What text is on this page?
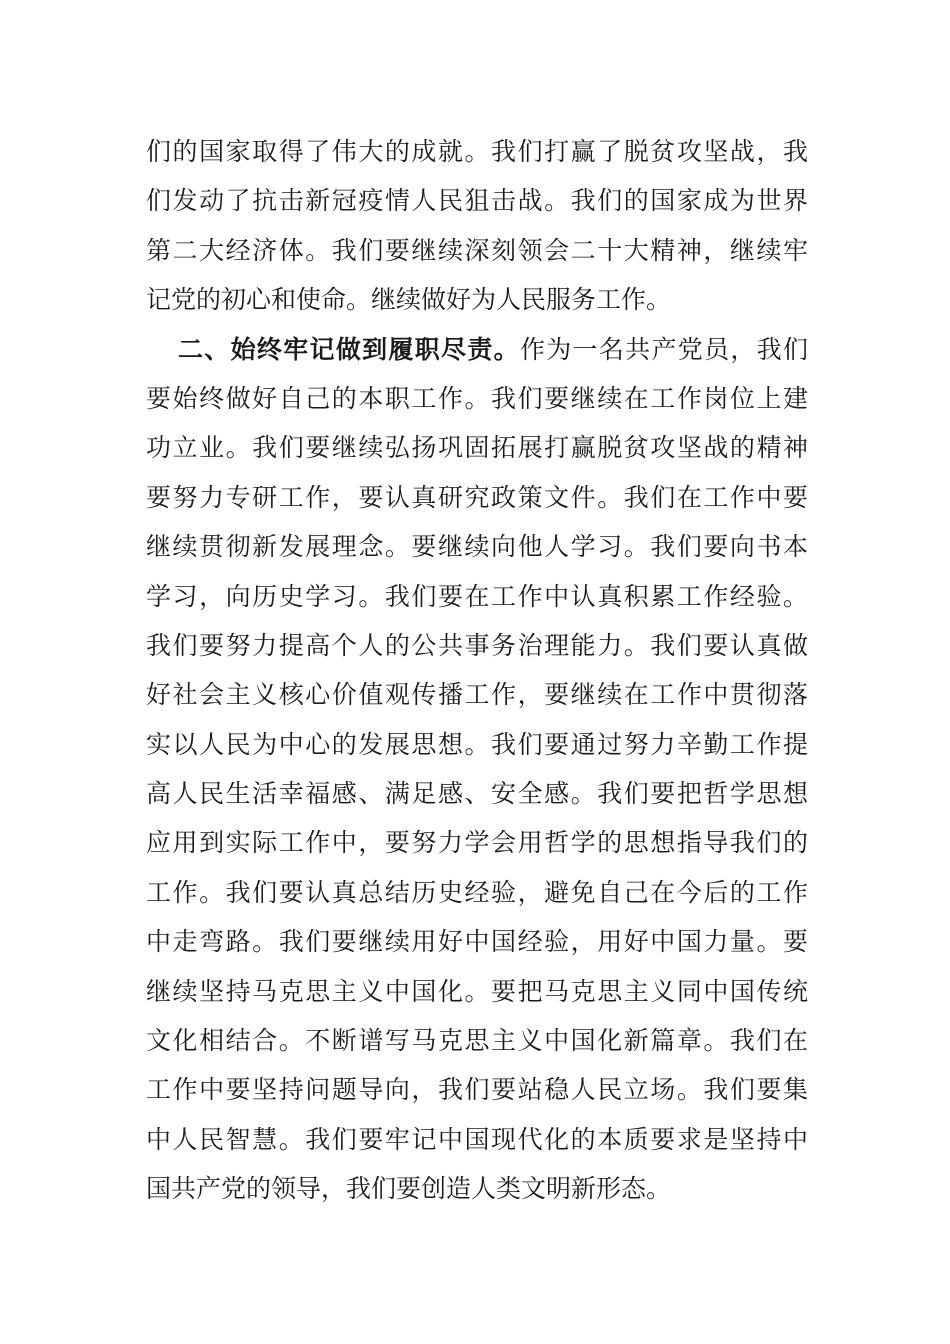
们的国家取得了伟大的成就。我们打赢了脱贫攻坚战，我
们发动了抗击新冠疫情人民狙击战。我们的国家成为世界
第二大经济体。我们要继续深刻领会二十大精神，继续牢
记党的初心和使命。继续做好为人民服务工作。
二、始终牢记做到履职尽责。作为一名共产党员，我们
要始终做好自己的本职工作。我们要继续在工作岗位上建
功立业。我们要继续弘扬巩固拓展打赢脱贫攻坚战的精神
要努力专研工作，要认真研究政策文件。我们在工作中要
继续贯彻新发展理念。要继续向他人学习。我们要向书本
学习，向历史学习。我们要在工作中认真积累工作经验。
我们要努力提高个人的公共事务治理能力。我们要认真做
好社会主义核心价值观传播工作，要继续在工作中贯彻落
实以人民为中心的发展思想。我们要通过努力辛勤工作提
高人民生活幸福感、满足感、安全感。我们要把哲学思想
应用到实际工作中，要努力学会用哲学的思想指导我们的
工作。我们要认真总结历史经验，避免自己在今后的工作
中走弯路。我们要继续用好中国经验，用好中国力量。要
继续坚持马克思主义中国化。要把马克思主义同中国传统
文化相结合。不断谱写马克思主义中国化新篇章。我们在
工作中要坚持问题导向，我们要站稳人民立场。我们要集
中人民智慧。我们要牢记中国现代化的本质要求是坚持中
国共产党的领导，我们要创造人类文明新形态。
